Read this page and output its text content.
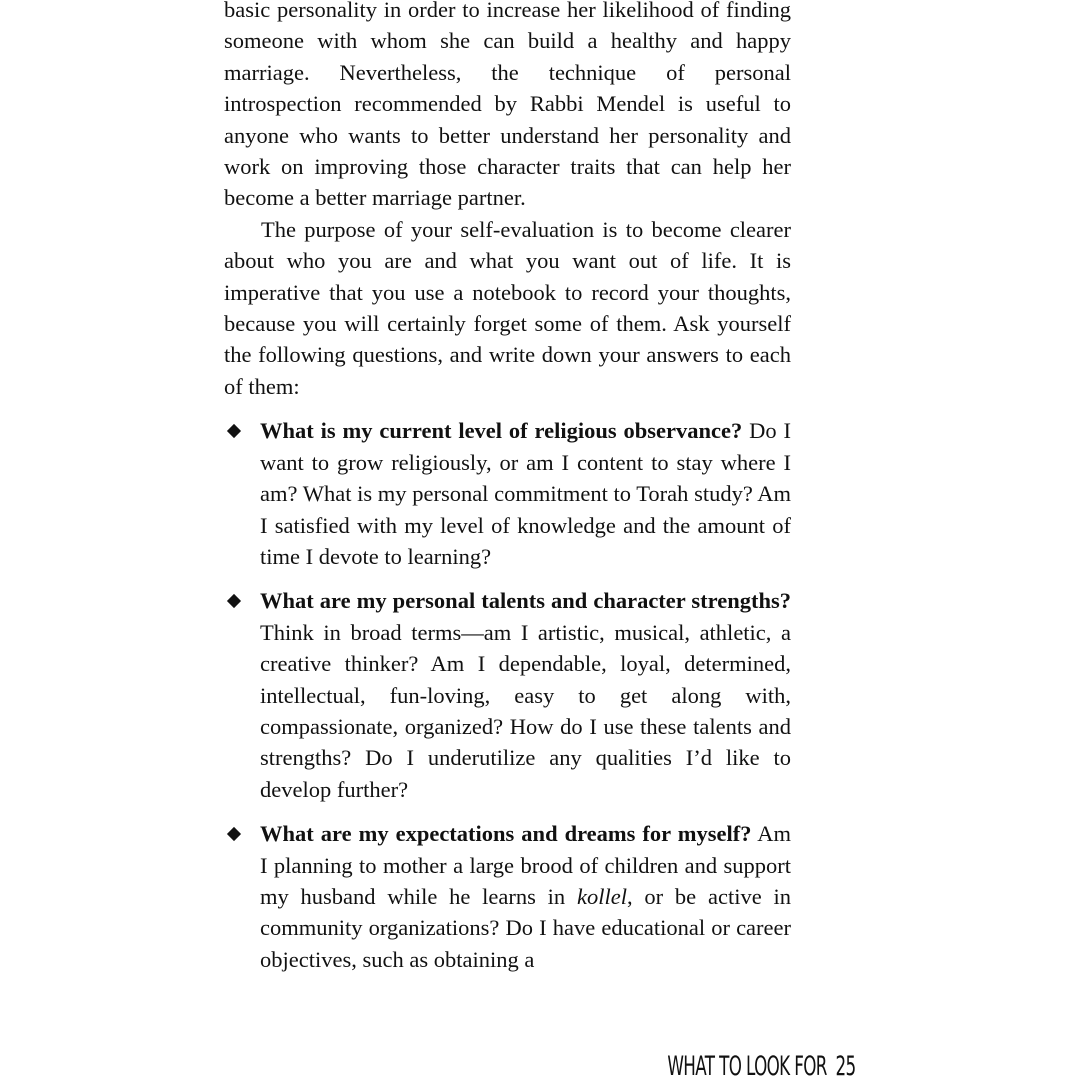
basic personality in order to increase her likelihood of finding someone with whom she can build a healthy and happy marriage. Nevertheless, the technique of personal introspection recommended by Rabbi Mendel is useful to anyone who wants to better understand her personality and work on improving those character traits that can help her become a better marriage partner.

The purpose of your self-evaluation is to become clearer about who you are and what you want out of life. It is imperative that you use a notebook to record your thoughts, because you will certainly forget some of them. Ask yourself the following questions, and write down your answers to each of them:

What is my current level of religious observance? Do I want to grow religiously, or am I content to stay where I am? What is my personal commitment to Torah study? Am I satisfied with my level of knowledge and the amount of time I devote to learning?
What are my personal talents and character strengths? Think in broad terms—am I artistic, musical, athletic, a creative thinker? Am I dependable, loyal, determined, intellectual, fun-loving, easy to get along with, compassionate, organized? How do I use these talents and strengths? Do I underutilize any qualities I’d like to develop further?
What are my expectations and dreams for myself? Am I planning to mother a large brood of children and support my husband while he learns in kollel, or be active in community organizations? Do I have educational or career objectives, such as obtaining a
WHAT TO LOOK FOR 25
